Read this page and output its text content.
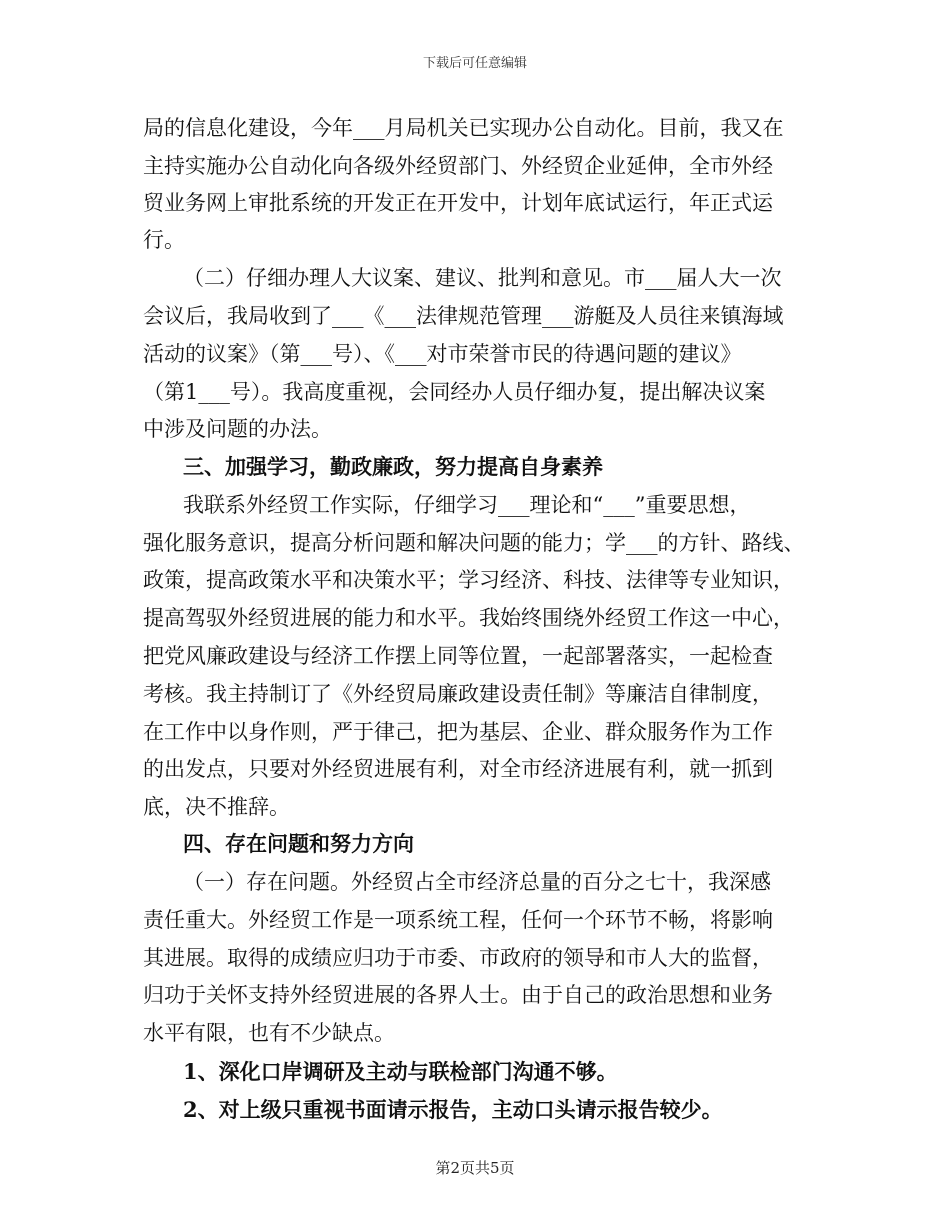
下载后可任意编辑
局的信息化建设，今年___月局机关已实现办公自动化。目前，我又在
主持实施办公自动化向各级外经贸部门、外经贸企业延伸，全市外经
贸业务网上审批系统的开发正在开发中，计划年底试运行，年正式运
行。
（二）仔细办理人大议案、建议、批判和意见。市___届人大一次
会议后，我局收到了___《___法律规范管理___游艇及人员往来镇海域
活动的议案》（第___号）、《___对市荣誉市民的待遇问题的建议》
（第1___号）。我高度重视，会同经办人员仔细办复，提出解决议案
中涉及问题的办法。
三、加强学习，勤政廉政，努力提高自身素养
我联系外经贸工作实际，仔细学习___理论和“___”重要思想，
强化服务意识，提高分析问题和解决问题的能力；学___的方针、路线、
政策，提高政策水平和决策水平；学习经济、科技、法律等专业知识，
提高驾驭外经贸进展的能力和水平。我始终围绕外经贸工作这一中心，
把党风廉政建设与经济工作摆上同等位置，一起部署落实，一起检查
考核。我主持制订了《外经贸局廉政建设责任制》等廉洁自律制度，
在工作中以身作则，严于律己，把为基层、企业、群众服务作为工作
的出发点，只要对外经贸进展有利，对全市经济进展有利，就一抓到
底，决不推辞。
四、存在问题和努力方向
（一）存在问题。外经贸占全市经济总量的百分之七十，我深感
责任重大。外经贸工作是一项系统工程，任何一个环节不畅，将影响
其进展。取得的成绩应归功于市委、市政府的领导和市人大的监督，
归功于关怀支持外经贸进展的各界人士。由于自己的政治思想和业务
水平有限，也有不少缺点。
1、深化口岸调研及主动与联检部门沟通不够。
2、对上级只重视书面请示报告，主动口头请示报告较少。
第2页共5页
